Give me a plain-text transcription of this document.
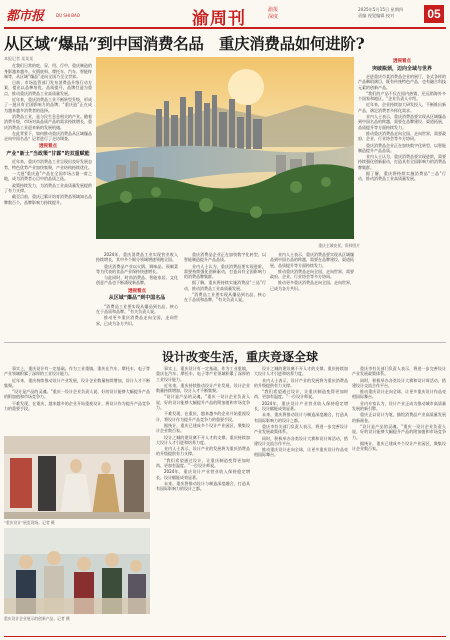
都市报	DU SHI BAO	渝周刊	渝报 深度
2025年5月15日 星期四
责编 视觉编辑 校对	05
从区域“爆品”到中国消费名品　重庆消费品如何进阶?
本报记者 某某某

在我们日常的吃、穿、用、行中，重庆制造的身影越来越多。火锅底料、摩托车、汽车、智能终端等，从区域“爆品”走向全国乃至全世界。

日前，市场监管部门发布消费品升级行动方案，提出以品种培优、品质提升、品牌打造为重点，推动重庆消费品工业高质量发展。

近年来，重庆消费品工业不断转型升级，形成了一批具有全国影响力的品牌，“重庆造”正在成为越来越多消费者的选择。

消费品工业，是与民生息息相关的产业。随着消费升级，市场对高品质产品的需求持续增长，重庆消费品工业迎来新的发展机遇。

在此背景下，如何推动重庆消费品从区域爆品走向中国名品？记者进行了走访调查。

透视看点
产业“新土”当政策“甘霖”的双重赋能

近年来，重庆市消费品工业呈现出良好发展态势，特色优势产业加快集聚，产业结构持续优化。

一大批“重庆造”产品在全国市场占据一席之地，成为消费者心目中的品质之选。

政策持续发力，为消费品工业高质量发展提供了有力支撑。

截至目前，重庆已累计培育消费品领域知名品牌数百个，品牌影响力持续提升。

重庆主城夜景。资料图片
透视看点
突破瓶颈，迈向全域与世界

走进重庆市某消费品企业的展厅，各式各样的产品琳琅满目，既有传统特色产品，也有融合科技元素的创新产品。

“我们的产品不仅在国内热销，还远销海外多个国家和地区。”企业负责人介绍。

近年来，企业持续加大研发投入，不断推出新产品，满足消费者多样化需求。

业内人士表示，重庆消费品要实现从区域爆品到中国名品的跨越，需要在品牌建设、渠道拓展、品质提升等方面持续发力。

推动重庆消费品走向全国、走向世界，需要政府、企业、行业协会等多方协同。

重庆消费品企业正在加快数字化转型，以智能制造提升产品品质。

业内人士认为，重庆消费品要实现进阶，需要持续强化创新驱动，打造具有全国影响力的消费品牌集群。

据了解，重庆将持续实施消费品“三品”行动，推动消费品工业高质量发展。

2024年，重庆消费品工业实现营业收入持续增长，其中多个细分领域增速领跑全国。

重庆消费品产业以火锅、调味品、预制菜等为代表的食品产业保持快速增长。

与此同时，时尚消费品、智能家居、文化创意产品也不断涌现新品牌。

透视看点
从区域“爆品”到中国名品

“消费品工业要实现从爆品到名品，核心在于品质和品牌。”有关负责人说。

推动更多重庆消费品走向全国、走向世界，已成为各方共识。

重庆消费品企业正在加快数字化转型，以智能制造提升产品品质。

业内人士认为，重庆消费品要实现进阶，需要持续强化创新驱动，打造具有全国影响力的消费品牌集群。

据了解，重庆将持续实施消费品“三品”行动，推动消费品工业高质量发展。

“消费品工业要实现从爆品到名品，核心在于品质和品牌。”有关负责人说。

业内人士表示，重庆消费品要实现从区域爆品到中国名品的跨越，需要在品牌建设、渠道拓展、品质提升等方面持续发力。

推动重庆消费品走向全国、走向世界，需要政府、企业、行业协会等多方协同。

推动更多重庆消费品走向全国、走向世界，已成为各方共识。

设计改变生活，重庆竞逐全球

事实上，重庆设计有一定基础。作为工业重镇，重庆在汽车、摩托车、电子等产业领域积累了深厚的工业设计能力。

近年来，重庆持续推动设计产业发展，设计企业数量持续增加，设计人才不断集聚。

“设计是产品的灵魂。”重庆一设计企业负责人说，好的设计能够大幅提升产品的附加值和市场竞争力。

不难发现，在重庆，越来越多的企业开始重视设计，将设计作为提升产品竞争力的重要手段。

“重庆设计”展览现场。记者 摄
重庆设计企业展示的创新产品。记者 摄

事实上，重庆设计有一定基础。作为工业重镇，重庆在汽车、摩托车、电子等产业领域积累了深厚的工业设计能力。

近年来，重庆持续推动设计产业发展，设计企业数量持续增加，设计人才不断集聚。

“设计是产品的灵魂。”重庆一设计企业负责人说，好的设计能够大幅提升产品的附加值和市场竞争力。

不难发现，在重庆，越来越多的企业开始重视设计，将设计作为提升产品竞争力的重要手段。

据统计，重庆已建成多个设计产业园区，聚集设计企业数百家。

设计之城的建设离不开人才的支撑。重庆持续加大设计人才引进和培养力度。

业内人士表示，设计产业的发展将为重庆消费品的升级提供有力支撑。

“我们希望通过设计，让重庆制造变得更加时尚、更加有温度。”一位设计师说。

2024年，重庆设计产业营业收入保持稳定增长，设计赋能成效显著。

未来，重庆将推动设计与制造深度融合，打造具有国际影响力的设计之都。

设计之城的建设离不开人才的支撑。重庆持续加大设计人才引进和培养力度。

业内人士表示，设计产业的发展将为重庆消费品的升级提供有力支撑。

“我们希望通过设计，让重庆制造变得更加时尚、更加有温度。”一位设计师说。

2024年，重庆设计产业营业收入保持稳定增长，设计赋能成效显著。

未来，重庆将推动设计与制造深度融合，打造具有国际影响力的设计之都。

重庆市有关部门负责人表示，将进一步完善设计产业发展政策体系。

同时，积极举办各类设计大赛和设计周活动，搭建设计交流合作平台。

推动重庆设计走向全球，让更多重庆设计作品亮相国际舞台。

重庆市有关部门负责人表示，将进一步完善设计产业发展政策体系。

同时，积极举办各类设计大赛和设计周活动，搭建设计交流合作平台。

推动重庆设计走向全球，让更多重庆设计作品亮相国际舞台。

业内专家认为，设计产业正成为推动城市高质量发展的新引擎。

重庆正以设计为笔，描绘消费品产业高质量发展的新画卷。

“设计是产品的灵魂。”重庆一设计企业负责人说，好的设计能够大幅提升产品的附加值和市场竞争力。

据统计，重庆已建成多个设计产业园区，聚集设计企业数百家。
